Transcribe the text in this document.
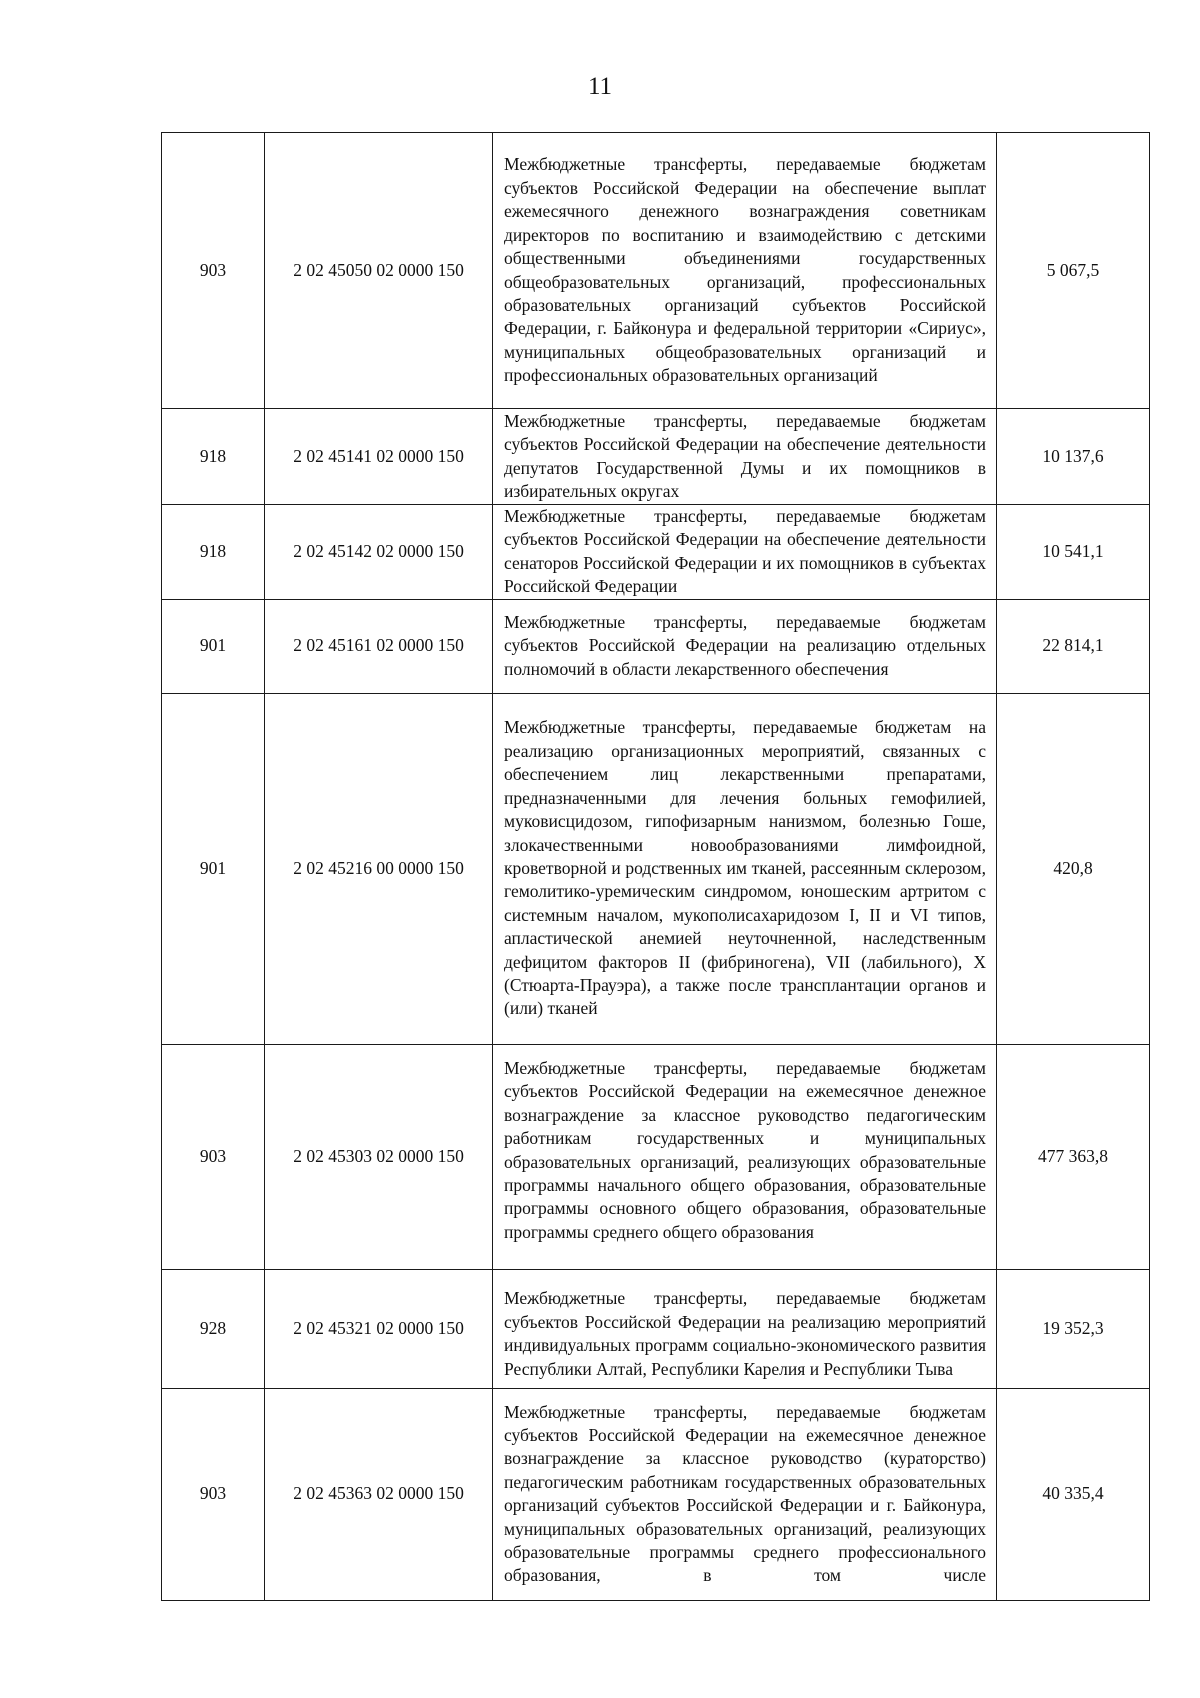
11
903	2 02 45050 02 0000 150	Межбюджетные трансферты, передаваемые бюджетам субъектов Российской Федерации на обеспечение выплат ежемесячного денежного вознаграждения советникам директоров по воспитанию и взаимодействию с детскими общественными объединениями государственных общеобразовательных организаций, профессиональных образовательных организаций субъектов Российской Федерации, г. Байконура и федеральной территории «Сириус», муниципальных общеобразовательных организаций и профессиональных образовательных организаций	5 067,5
918	2 02 45141 02 0000 150	Межбюджетные трансферты, передаваемые бюджетам субъектов Российской Федерации на обеспечение деятельности депутатов Государственной Думы и их помощников в избирательных округах	10 137,6
918	2 02 45142 02 0000 150	Межбюджетные трансферты, передаваемые бюджетам субъектов Российской Федерации на обеспечение деятельности сенаторов Российской Федерации и их помощников в субъектах Российской Федерации	10 541,1
901	2 02 45161 02 0000 150	Межбюджетные трансферты, передаваемые бюджетам субъектов Российской Федерации на реализацию отдельных полномочий в области лекарственного обеспечения	22 814,1
901	2 02 45216 00 0000 150	Межбюджетные трансферты, передаваемые бюджетам на реализацию организационных мероприятий, связанных с обеспечением лиц лекарственными препаратами, предназначенными для лечения больных гемофилией, муковисцидозом, гипофизарным нанизмом, болезнью Гоше, злокачественными новообразованиями лимфоидной, кроветворной и родственных им тканей, рассеянным склерозом, гемолитико-уремическим синдромом, юношеским артритом с системным началом, мукополисахаридозом I, II и VI типов, апластической анемией неуточненной, наследственным дефицитом факторов II (фибриногена), VII (лабильного), X (Стюарта-Прауэра), а также после трансплантации органов и (или) тканей	420,8
903	2 02 45303 02 0000 150	Межбюджетные трансферты, передаваемые бюджетам субъектов Российской Федерации на ежемесячное денежное вознаграждение за классное руководство педагогическим работникам государственных и муниципальных образовательных организаций, реализующих образовательные программы начального общего образования, образовательные программы основного общего образования, образовательные программы среднего общего образования	477 363,8
928	2 02 45321 02 0000 150	Межбюджетные трансферты, передаваемые бюджетам субъектов Российской Федерации на реализацию мероприятий индивидуальных программ социально-экономического развития Республики Алтай, Республики Карелия и Республики Тыва	19 352,3
903	2 02 45363 02 0000 150	Межбюджетные трансферты, передаваемые бюджетам субъектов Российской Федерации на ежемесячное денежное вознаграждение за классное руководство (кураторство) педагогическим работникам государственных образовательных организаций субъектов Российской Федерации и г. Байконура, муниципальных образовательных организаций, реализующих образовательные программы среднего профессионального образования, в том числе	40 335,4
